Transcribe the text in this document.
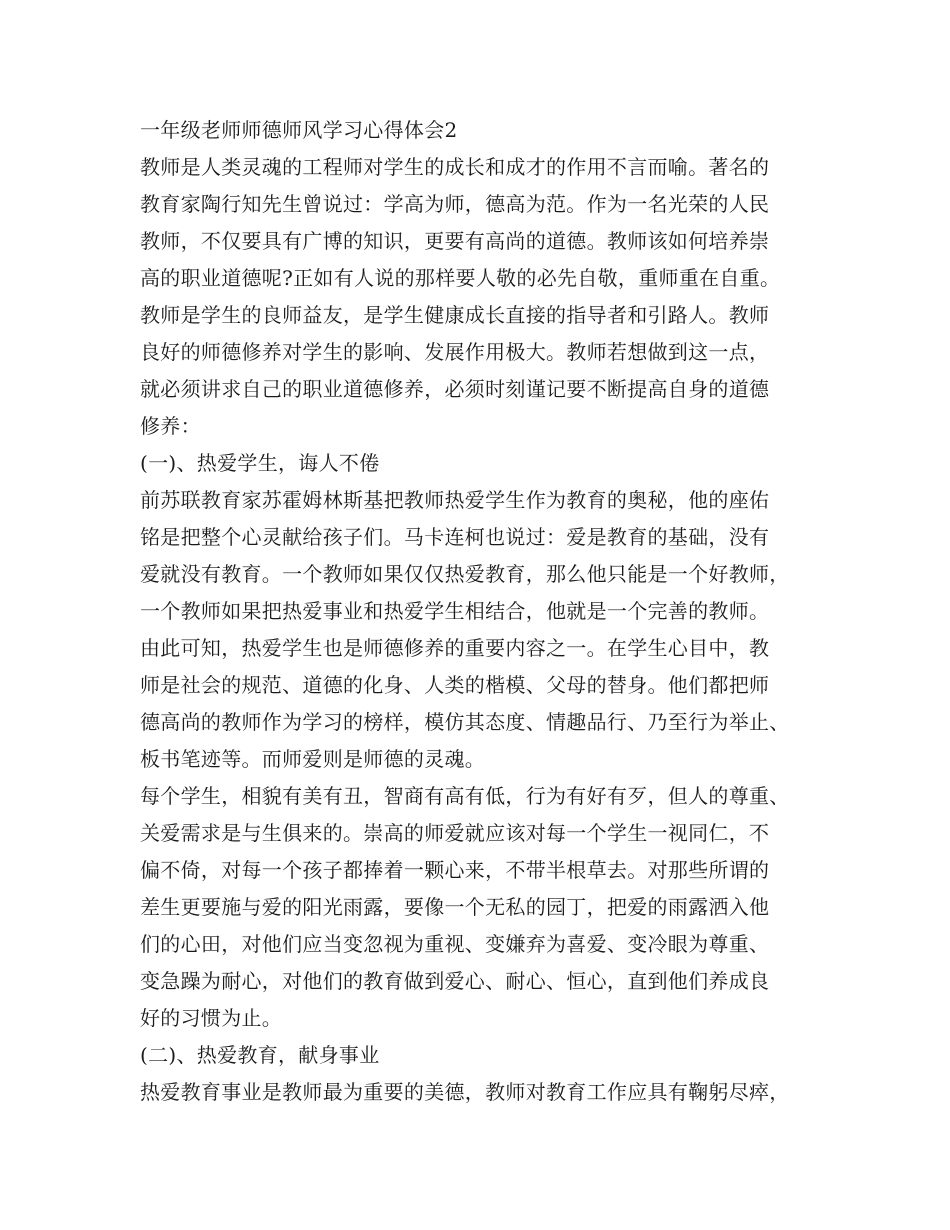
一年级老师师德师风学习心得体会2
教师是人类灵魂的工程师对学生的成长和成才的作用不言而喻。著名的
教育家陶行知先生曾说过：学高为师，德高为范。作为一名光荣的人民
教师，不仅要具有广博的知识，更要有高尚的道德。教师该如何培养崇
高的职业道德呢?正如有人说的那样要人敬的必先自敬，重师重在自重。
教师是学生的良师益友，是学生健康成长直接的指导者和引路人。教师
良好的师德修养对学生的影响、发展作用极大。教师若想做到这一点，
就必须讲求自己的职业道德修养，必须时刻谨记要不断提高自身的道德
修养：
(一)、热爱学生，诲人不倦
前苏联教育家苏霍姆林斯基把教师热爱学生作为教育的奥秘，他的座佑
铭是把整个心灵献给孩子们。马卡连柯也说过：爱是教育的基础，没有
爱就没有教育。一个教师如果仅仅热爱教育，那么他只能是一个好教师，
一个教师如果把热爱事业和热爱学生相结合，他就是一个完善的教师。
由此可知，热爱学生也是师德修养的重要内容之一。在学生心目中，教
师是社会的规范、道德的化身、人类的楷模、父母的替身。他们都把师
德高尚的教师作为学习的榜样，模仿其态度、情趣品行、乃至行为举止、
板书笔迹等。而师爱则是师德的灵魂。
每个学生，相貌有美有丑，智商有高有低，行为有好有歹，但人的尊重、
关爱需求是与生俱来的。崇高的师爱就应该对每一个学生一视同仁，不
偏不倚，对每一个孩子都捧着一颗心来，不带半根草去。对那些所谓的
差生更要施与爱的阳光雨露，要像一个无私的园丁，把爱的雨露洒入他
们的心田，对他们应当变忽视为重视、变嫌弃为喜爱、变冷眼为尊重、
变急躁为耐心，对他们的教育做到爱心、耐心、恒心，直到他们养成良
好的习惯为止。
(二)、热爱教育，献身事业
热爱教育事业是教师最为重要的美德，教师对教育工作应具有鞠躬尽瘁，
